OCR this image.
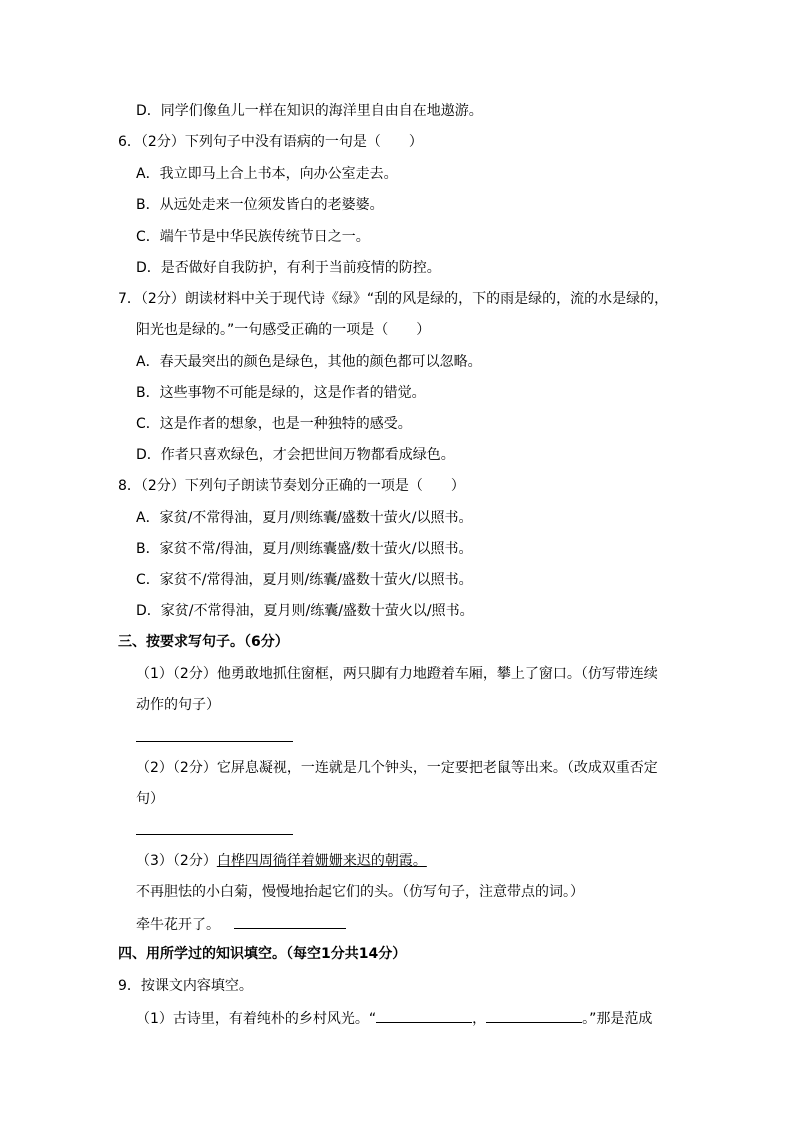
D．同学们像鱼儿一样在知识的海洋里自由自在地遨游。
6．（2分）下列句子中没有语病的一句是（　　）
A．我立即马上合上书本，向办公室走去。
B．从远处走来一位须发皆白的老婆婆。
C．端午节是中华民族传统节日之一。
D．是否做好自我防护，有利于当前疫情的防控。
7．（2分）朗读材料中关于现代诗《绿》“刮的风是绿的，下的雨是绿的，流的水是绿的，
阳光也是绿的。”一句感受正确的一项是（　　）
A．春天最突出的颜色是绿色，其他的颜色都可以忽略。
B．这些事物不可能是绿的，这是作者的错觉。
C．这是作者的想象，也是一种独特的感受。
D．作者只喜欢绿色，才会把世间万物都看成绿色。
8．（2分）下列句子朗读节奏划分正确的一项是（　　）
A．家贫/不常得油，夏月/则练囊/盛数十萤火/以照书。
B．家贫不常/得油，夏月/则练囊盛/数十萤火/以照书。
C．家贫不/常得油，夏月则/练囊/盛数十萤火/以照书。
D．家贫/不常得油，夏月则/练囊/盛数十萤火以/照书。
三、按要求写句子。（6分）
（1）（2分）他勇敢地抓住窗框，两只脚有力地蹬着车厢，攀上了窗口。（仿写带连续
动作的句子）
（2）（2分）它屏息凝视，一连就是几个钟头，一定要把老鼠等出来。（改成双重否定
句）
（3）（2分）白桦四周徜徉着姗姗来迟的朝霞。
不再胆怯的小白菊，慢慢地抬起它们的头。（仿写句子，注意带点的词。）
牵牛花开了。
四、用所学过的知识填空。（每空1分共14分）
9．按课文内容填空。
（1）古诗里，有着纯朴的乡村风光。“	，	。”那是范成
